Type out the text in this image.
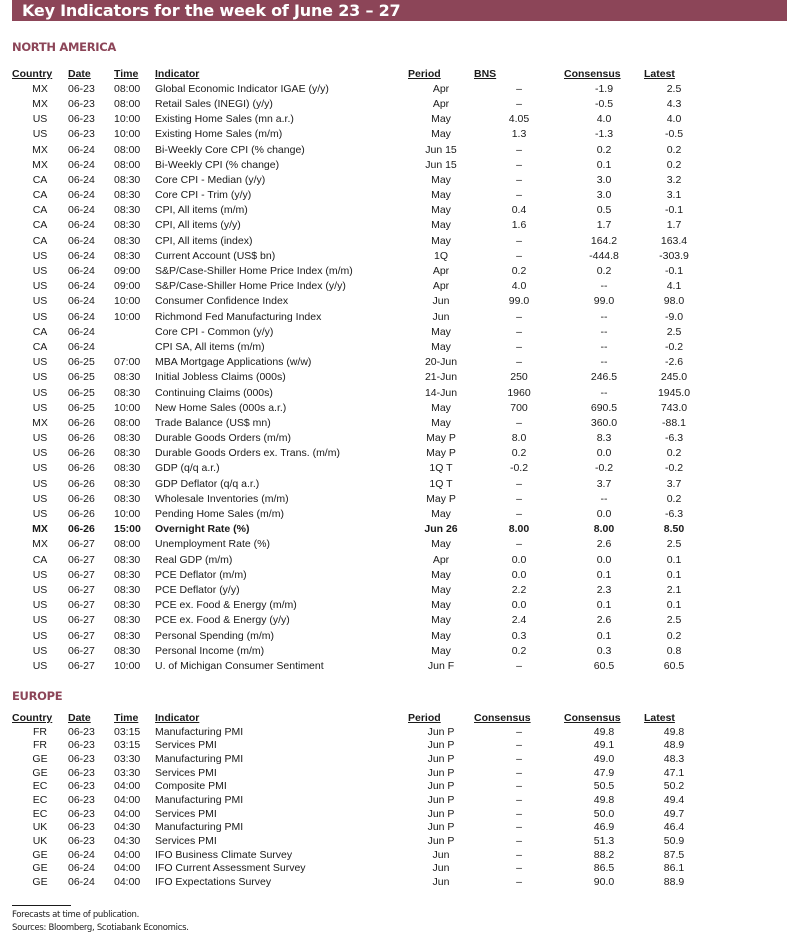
Key Indicators for the week of June 23 – 27
NORTH AMERICA
Country	Date	Time	Indicator	Period	BNS	Consensus	Latest
MX	06-23	08:00	Global Economic Indicator IGAE (y/y)	Apr	–	-1.9	2.5
MX	06-23	08:00	Retail Sales (INEGI) (y/y)	Apr	–	-0.5	4.3
US	06-23	10:00	Existing Home Sales (mn a.r.)	May	4.05	4.0	4.0
US	06-23	10:00	Existing Home Sales (m/m)	May	1.3	-1.3	-0.5
MX	06-24	08:00	Bi-Weekly Core CPI (% change)	Jun 15	–	0.2	0.2
MX	06-24	08:00	Bi-Weekly CPI (% change)	Jun 15	–	0.1	0.2
CA	06-24	08:30	Core CPI - Median (y/y)	May	–	3.0	3.2
CA	06-24	08:30	Core CPI - Trim (y/y)	May	–	3.0	3.1
CA	06-24	08:30	CPI, All items (m/m)	May	0.4	0.5	-0.1
CA	06-24	08:30	CPI, All items (y/y)	May	1.6	1.7	1.7
CA	06-24	08:30	CPI, All items (index)	May	–	164.2	163.4
US	06-24	08:30	Current Account (US$ bn)	1Q	–	-444.8	-303.9
US	06-24	09:00	S&P/Case-Shiller Home Price Index (m/m)	Apr	0.2	0.2	-0.1
US	06-24	09:00	S&P/Case-Shiller Home Price Index (y/y)	Apr	4.0	--	4.1
US	06-24	10:00	Consumer Confidence Index	Jun	99.0	99.0	98.0
US	06-24	10:00	Richmond Fed Manufacturing Index	Jun	–	--	-9.0
CA	06-24		Core CPI - Common (y/y)	May	–	--	2.5
CA	06-24		CPI SA, All items (m/m)	May	–	--	-0.2
US	06-25	07:00	MBA Mortgage Applications (w/w)	20-Jun	–	--	-2.6
US	06-25	08:30	Initial Jobless Claims (000s)	21-Jun	250	246.5	245.0
US	06-25	08:30	Continuing Claims (000s)	14-Jun	1960	--	1945.0
US	06-25	10:00	New Home Sales (000s a.r.)	May	700	690.5	743.0
MX	06-26	08:00	Trade Balance (US$ mn)	May	–	360.0	-88.1
US	06-26	08:30	Durable Goods Orders (m/m)	May P	8.0	8.3	-6.3
US	06-26	08:30	Durable Goods Orders ex. Trans. (m/m)	May P	0.2	0.0	0.2
US	06-26	08:30	GDP (q/q a.r.)	1Q T	-0.2	-0.2	-0.2
US	06-26	08:30	GDP Deflator (q/q a.r.)	1Q T	–	3.7	3.7
US	06-26	08:30	Wholesale Inventories (m/m)	May P	–	--	0.2
US	06-26	10:00	Pending Home Sales (m/m)	May	–	0.0	-6.3
MX	06-26	15:00	Overnight Rate (%)	Jun 26	8.00	8.00	8.50
MX	06-27	08:00	Unemployment Rate (%)	May	–	2.6	2.5
CA	06-27	08:30	Real GDP (m/m)	Apr	0.0	0.0	0.1
US	06-27	08:30	PCE Deflator (m/m)	May	0.0	0.1	0.1
US	06-27	08:30	PCE Deflator (y/y)	May	2.2	2.3	2.1
US	06-27	08:30	PCE ex. Food & Energy (m/m)	May	0.0	0.1	0.1
US	06-27	08:30	PCE ex. Food & Energy (y/y)	May	2.4	2.6	2.5
US	06-27	08:30	Personal Spending (m/m)	May	0.3	0.1	0.2
US	06-27	08:30	Personal Income (m/m)	May	0.2	0.3	0.8
US	06-27	10:00	U. of Michigan Consumer Sentiment	Jun F	–	60.5	60.5
EUROPE
Country	Date	Time	Indicator	Period	Consensus	Consensus	Latest
FR	06-23	03:15	Manufacturing PMI	Jun P	–	49.8	49.8
FR	06-23	03:15	Services PMI	Jun P	–	49.1	48.9
GE	06-23	03:30	Manufacturing PMI	Jun P	–	49.0	48.3
GE	06-23	03:30	Services PMI	Jun P	–	47.9	47.1
EC	06-23	04:00	Composite PMI	Jun P	–	50.5	50.2
EC	06-23	04:00	Manufacturing PMI	Jun P	–	49.8	49.4
EC	06-23	04:00	Services PMI	Jun P	–	50.0	49.7
UK	06-23	04:30	Manufacturing PMI	Jun P	–	46.9	46.4
UK	06-23	04:30	Services PMI	Jun P	–	51.3	50.9
GE	06-24	04:00	IFO Business Climate Survey	Jun	–	88.2	87.5
GE	06-24	04:00	IFO Current Assessment Survey	Jun	–	86.5	86.1
GE	06-24	04:00	IFO Expectations Survey	Jun	–	90.0	88.9
Forecasts at time of publication.
Sources: Bloomberg, Scotiabank Economics.
